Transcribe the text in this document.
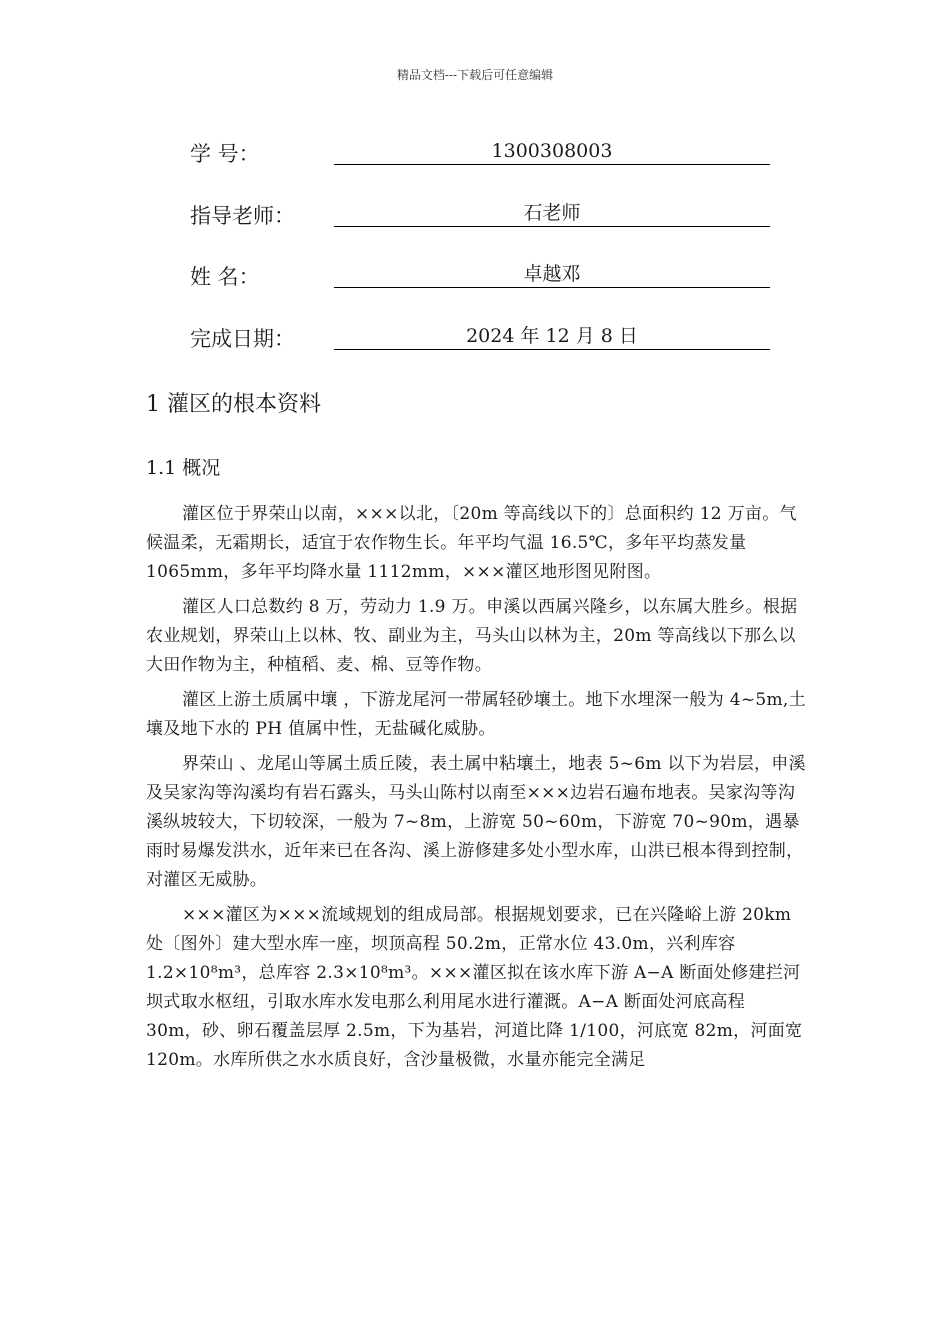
精品文档---下载后可任意编辑
学 号：	1300308003
指导老师：	石老师
姓 名：	卓越邓
完成日期：	2024 年 12 月 8 日
1 灌区的根本资料
1.1 概况

灌区位于界荣山以南，×××以北，〔20m 等高线以下的〕总面积约 12 万亩。气候温柔，无霜期长，适宜于农作物生长。年平均气温 16.5℃，多年平均蒸发量 1065mm，多年平均降水量 1112mm，×××灌区地形图见附图。

灌区人口总数约 8 万，劳动力 1.9 万。申溪以西属兴隆乡，以东属大胜乡。根据农业规划，界荣山上以林、牧、副业为主，马头山以林为主，20m 等高线以下那么以大田作物为主，种植稻、麦、棉、豆等作物。

灌区上游土质属中壤 ，下游龙尾河一带属轻砂壤土。地下水埋深一般为 4~5m,土壤及地下水的 PH 值属中性，无盐碱化威胁。

界荣山 、龙尾山等属土质丘陵，表土属中粘壤土，地表 5~6m 以下为岩层，申溪及吴家沟等沟溪均有岩石露头，马头山陈村以南至×××边岩石遍布地表。吴家沟等沟溪纵坡较大，下切较深，一般为 7~8m，上游宽 50~60m，下游宽 70~90m，遇暴雨时易爆发洪水，近年来已在各沟、溪上游修建多处小型水库，山洪已根本得到控制，对灌区无威胁。

×××灌区为×××流域规划的组成局部。根据规划要求，已在兴隆峪上游 20km 处〔图外〕建大型水库一座，坝顶高程 50.2m，正常水位 43.0m，兴利库容 1.2×10⁸m³，总库容 2.3×10⁸m³。×××灌区拟在该水库下游 A−A 断面处修建拦河坝式取水枢纽，引取水库水发电那么利用尾水进行灌溉。A−A 断面处河底高程 30m，砂、卵石覆盖层厚 2.5m，下为基岩，河道比降 1/100，河底宽 82m，河面宽 120m。水库所供之水水质良好，含沙量极微，水量亦能完全满足
